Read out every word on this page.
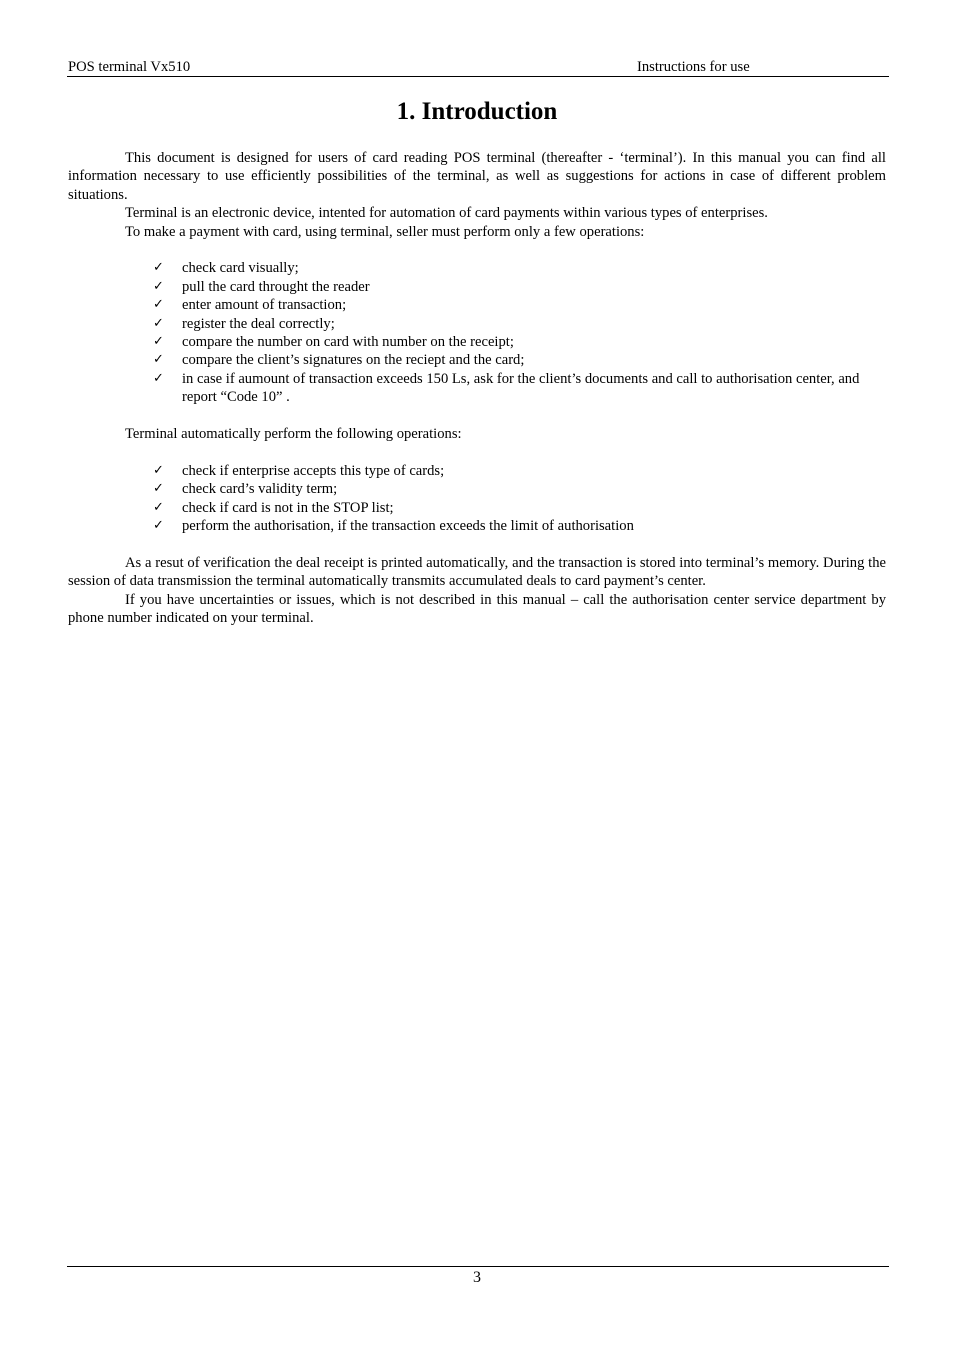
POS terminal Vx510	Instructions for use
1. Introduction

This document is designed for users of card reading POS terminal (thereafter - ‘terminal’). In this manual you can find all information necessary to use efficiently possibilities of the terminal, as well as suggestions for actions in case of different problem situations.

Terminal is an electronic device, intented for automation of card payments within various types of enterprises.

To make a payment with card, using terminal, seller must perform only a few operations:

✓ check card visually;
✓ pull the card throught the reader
✓ enter amount of transaction;
✓ register the deal correctly;
✓ compare the number on card with number on the receipt;
✓ compare the client’s signatures on the reciept and the card;
✓ in case if aumount of transaction exceeds 150 Ls, ask for the client’s documents and call to authorisation center, and report “Code 10” .

Terminal automatically perform the following operations:

✓ check if enterprise accepts this type of cards;
✓ check card’s validity term;
✓ check if card is not in the STOP list;
✓ perform the authorisation, if the transaction exceeds the limit of authorisation

As a resut of verification the deal receipt is printed automatically, and the transaction is stored into terminal’s memory. During the session of data transmission the terminal automatically transmits accumulated deals to card payment’s center.

If you have uncertainties or issues, which is not described in this manual – call the authorisation center service department by phone number indicated on your terminal.

3
